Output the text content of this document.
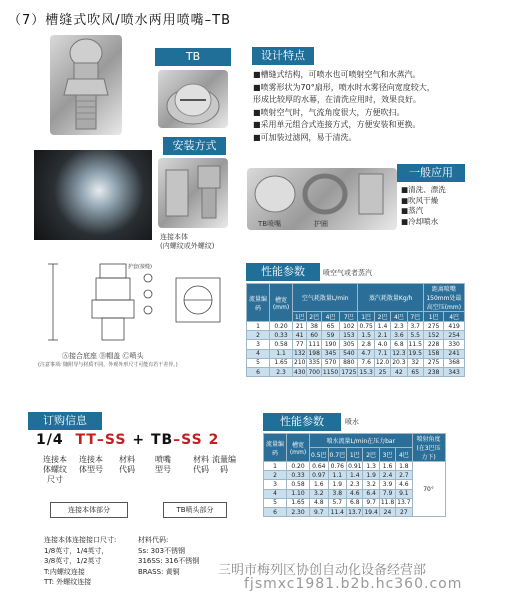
（7）槽缝式吹风/喷水两用喷嘴–TB
TB	设计特点
■槽缝式结构，可喷水也可喷射空气和水蒸汽。
■喷雾形状为70°扇形，喷水时水雾径向宽度较大，
形成比较厚的水幕，在清洗应用时，效果良好。
■喷射空气时，气流角度很大，方便吹扫。
■采用单元组合式连接方式，方便安装和更换。
■可加装过滤网，易于清洗。
安装方式
连接本体
(内螺纹或外螺纹)
TB喷嘴	护圈
一般应用
■清洗、漂洗
■吹风干燥
■蒸汽
■冷却喷水
护套(接缝)
Ⓐ接合底座 Ⓑ帽盖 Ⓒ喷头
(注意事项: 随附导与材质不同，外观外形尺寸可能有若干差异。)
性能参数	喷空气或者蒸汽
流量编码	槽宽(mm)	空气耗散量L/min				蒸汽耗散量Kg/h				距离喷嘴150mm处最高空压(mm)	
		1巴	2巴	4巴	7巴	1巴	2巴	4巴	7巴	1巴	4巴
1	0.20	21	38	65	102	0.75	1.4	2.3	3.7	275	419
2	0.33	41	60	59	153	1.5	2.1	3.6	5.5	152	254
3	0.58	77	111	190	305	2.8	4.0	6.8	11.5	228	330
4	1.1	132	198	345	540	4.7	7.1	12.3	19.5	158	241
5	1.65	210	335	570	880	7.6	12.0	20.3	32	275	368
6	2.3	430	700	1150	1725	15.3	25	42	65	238	343
订购信息
1/4 TT–SS + TB–SS 2
连接本体螺纹尺寸
连接本体型号
材料代码
喷嘴型号
材料代码
流量编码
连接本体部分	TB喷头部分
连接本体连接接口尺寸:
1/8英寸，1/4英寸，
3/8英寸，1/2英寸
T:内螺纹连接
TT: 外螺纹连接
材料代码:
Ss: 303不锈钢
316SS: 316不锈钢
BRASS: 黄铜
性能参数	喷水
流量编码	槽宽(mm)	喷水流量L/min在压力bar						喷射角度(在3巴压力下)
		0.5巴	0.7巴	1巴	2巴	3巴	4巴	
1	0.20	0.64	0.76	0.91	1.3	1.6	1.8	70°
2	0.33	0.97	1.1	1.4	1.9	2.4	2.7	
3	0.58	1.6	1.9	2.3	3.2	3.9	4.6	
4	1.10	3.2	3.8	4.6	6.4	7.9	9.1	
5	1.65	4.8	5.7	6.8	9.7	11.8	13.7	
6	2.30	9.7	11.4	13.7	19.4	24	27	
三明市梅列区协创自动化设备经营部
fjsmxc1981.b2b.hc360.com
